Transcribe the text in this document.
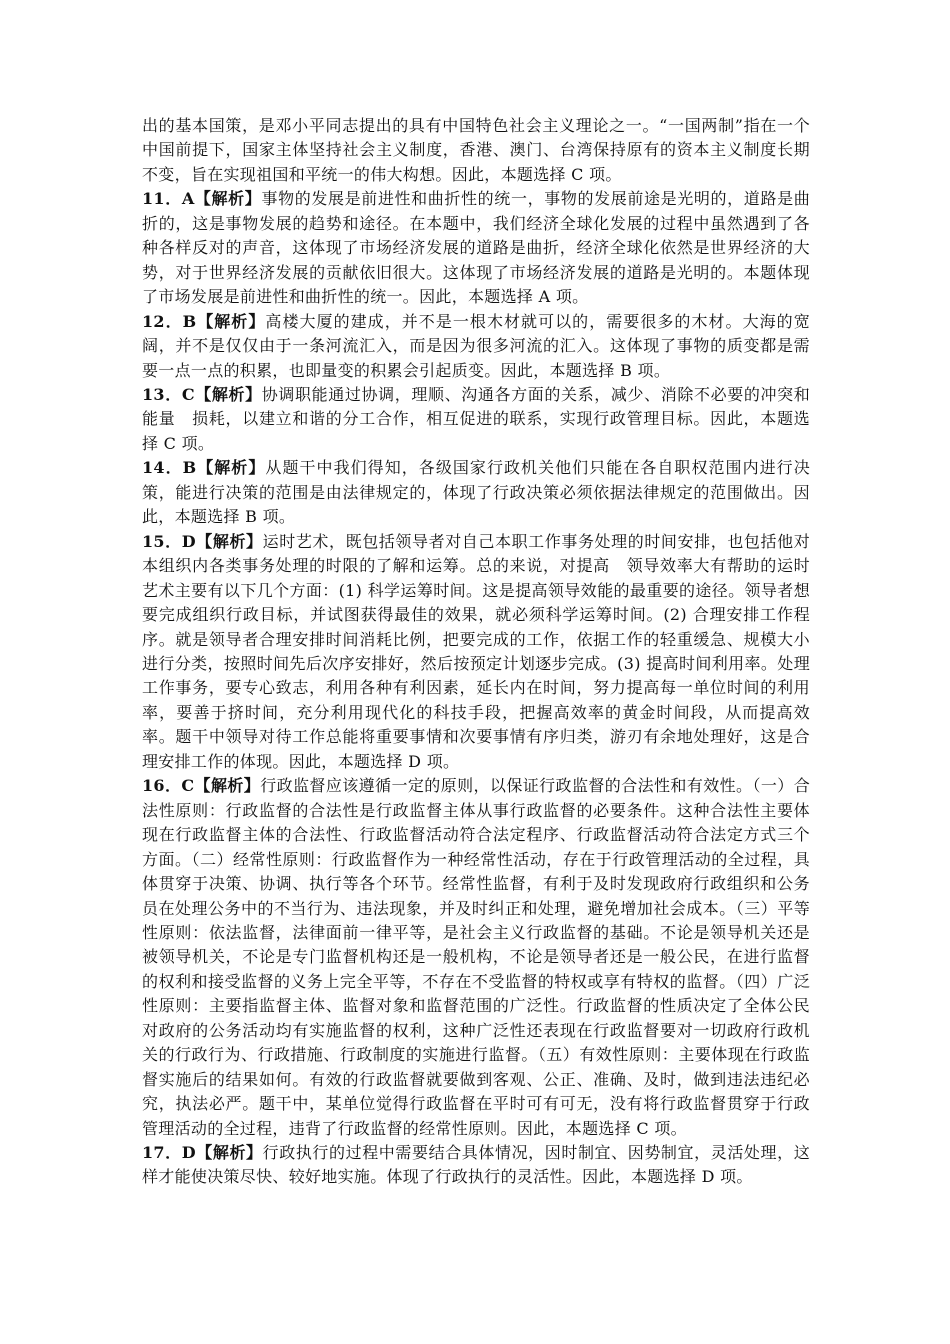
出的基本国策，是邓小平同志提出的具有中国特色社会主义理论之一。“一国两制”指在一个中国前提下，国家主体坚持社会主义制度，香港、澳门、台湾保持原有的资本主义制度长期不变，旨在实现祖国和平统一的伟大构想。因此，本题选择 C 项。

11．A【解析】事物的发展是前进性和曲折性的统一，事物的发展前途是光明的，道路是曲折的，这是事物发展的趋势和途径。在本题中，我们经济全球化发展的过程中虽然遇到了各种各样反对的声音，这体现了市场经济发展的道路是曲折，经济全球化依然是世界经济的大势，对于世界经济发展的贡献依旧很大。这体现了市场经济发展的道路是光明的。本题体现了市场发展是前进性和曲折性的统一。因此，本题选择 A 项。

12．B【解析】高楼大厦的建成，并不是一根木材就可以的，需要很多的木材。大海的宽阔，并不是仅仅由于一条河流汇入，而是因为很多河流的汇入。这体现了事物的质变都是需要一点一点的积累，也即量变的积累会引起质变。因此，本题选择 B 项。

13．C【解析】协调职能通过协调，理顺、沟通各方面的关系，减少、消除不必要的冲突和能量　损耗，以建立和谐的分工合作，相互促进的联系，实现行政管理目标。因此，本题选择 C 项。

14．B【解析】从题干中我们得知，各级国家行政机关他们只能在各自职权范围内进行决策，能进行决策的范围是由法律规定的，体现了行政决策必须依据法律规定的范围做出。因此，本题选择 B 项。

15．D【解析】运时艺术，既包括领导者对自己本职工作事务处理的时间安排，也包括他对本组织内各类事务处理的时限的了解和运筹。总的来说，对提高　领导效率大有帮助的运时艺术主要有以下几个方面：(1) 科学运筹时间。这是提高领导效能的最重要的途径。领导者想要完成组织行政目标，并试图获得最佳的效果，就必须科学运筹时间。(2) 合理安排工作程序。就是领导者合理安排时间消耗比例，把要完成的工作，依据工作的轻重缓急、规模大小进行分类，按照时间先后次序安排好，然后按预定计划逐步完成。(3) 提高时间利用率。处理工作事务，要专心致志，利用各种有利因素，延长内在时间，努力提高每一单位时间的利用率，要善于挤时间，充分利用现代化的科技手段，把握高效率的黄金时间段，从而提高效率。题干中领导对待工作总能将重要事情和次要事情有序归类，游刃有余地处理好，这是合理安排工作的体现。因此，本题选择 D 项。

16．C【解析】行政监督应该遵循一定的原则，以保证行政监督的合法性和有效性。（一）合法性原则：行政监督的合法性是行政监督主体从事行政监督的必要条件。这种合法性主要体现在行政监督主体的合法性、行政监督活动符合法定程序、行政监督活动符合法定方式三个方面。（二）经常性原则：行政监督作为一种经常性活动，存在于行政管理活动的全过程，具体贯穿于决策、协调、执行等各个环节。经常性监督，有利于及时发现政府行政组织和公务员在处理公务中的不当行为、违法现象，并及时纠正和处理，避免增加社会成本。（三）平等性原则：依法监督，法律面前一律平等，是社会主义行政监督的基础。不论是领导机关还是被领导机关，不论是专门监督机构还是一般机构，不论是领导者还是一般公民，在进行监督的权利和接受监督的义务上完全平等，不存在不受监督的特权或享有特权的监督。（四）广泛性原则：主要指监督主体、监督对象和监督范围的广泛性。行政监督的性质决定了全体公民对政府的公务活动均有实施监督的权利，这种广泛性还表现在行政监督要对一切政府行政机关的行政行为、行政措施、行政制度的实施进行监督。（五）有效性原则：主要体现在行政监督实施后的结果如何。有效的行政监督就要做到客观、公正、准确、及时，做到违法违纪必究，执法必严。题干中，某单位觉得行政监督在平时可有可无，没有将行政监督贯穿于行政管理活动的全过程，违背了行政监督的经常性原则。因此，本题选择 C 项。

17．D【解析】行政执行的过程中需要结合具体情况，因时制宜、因势制宜，灵活处理，这样才能使决策尽快、较好地实施。体现了行政执行的灵活性。因此，本题选择 D 项。
